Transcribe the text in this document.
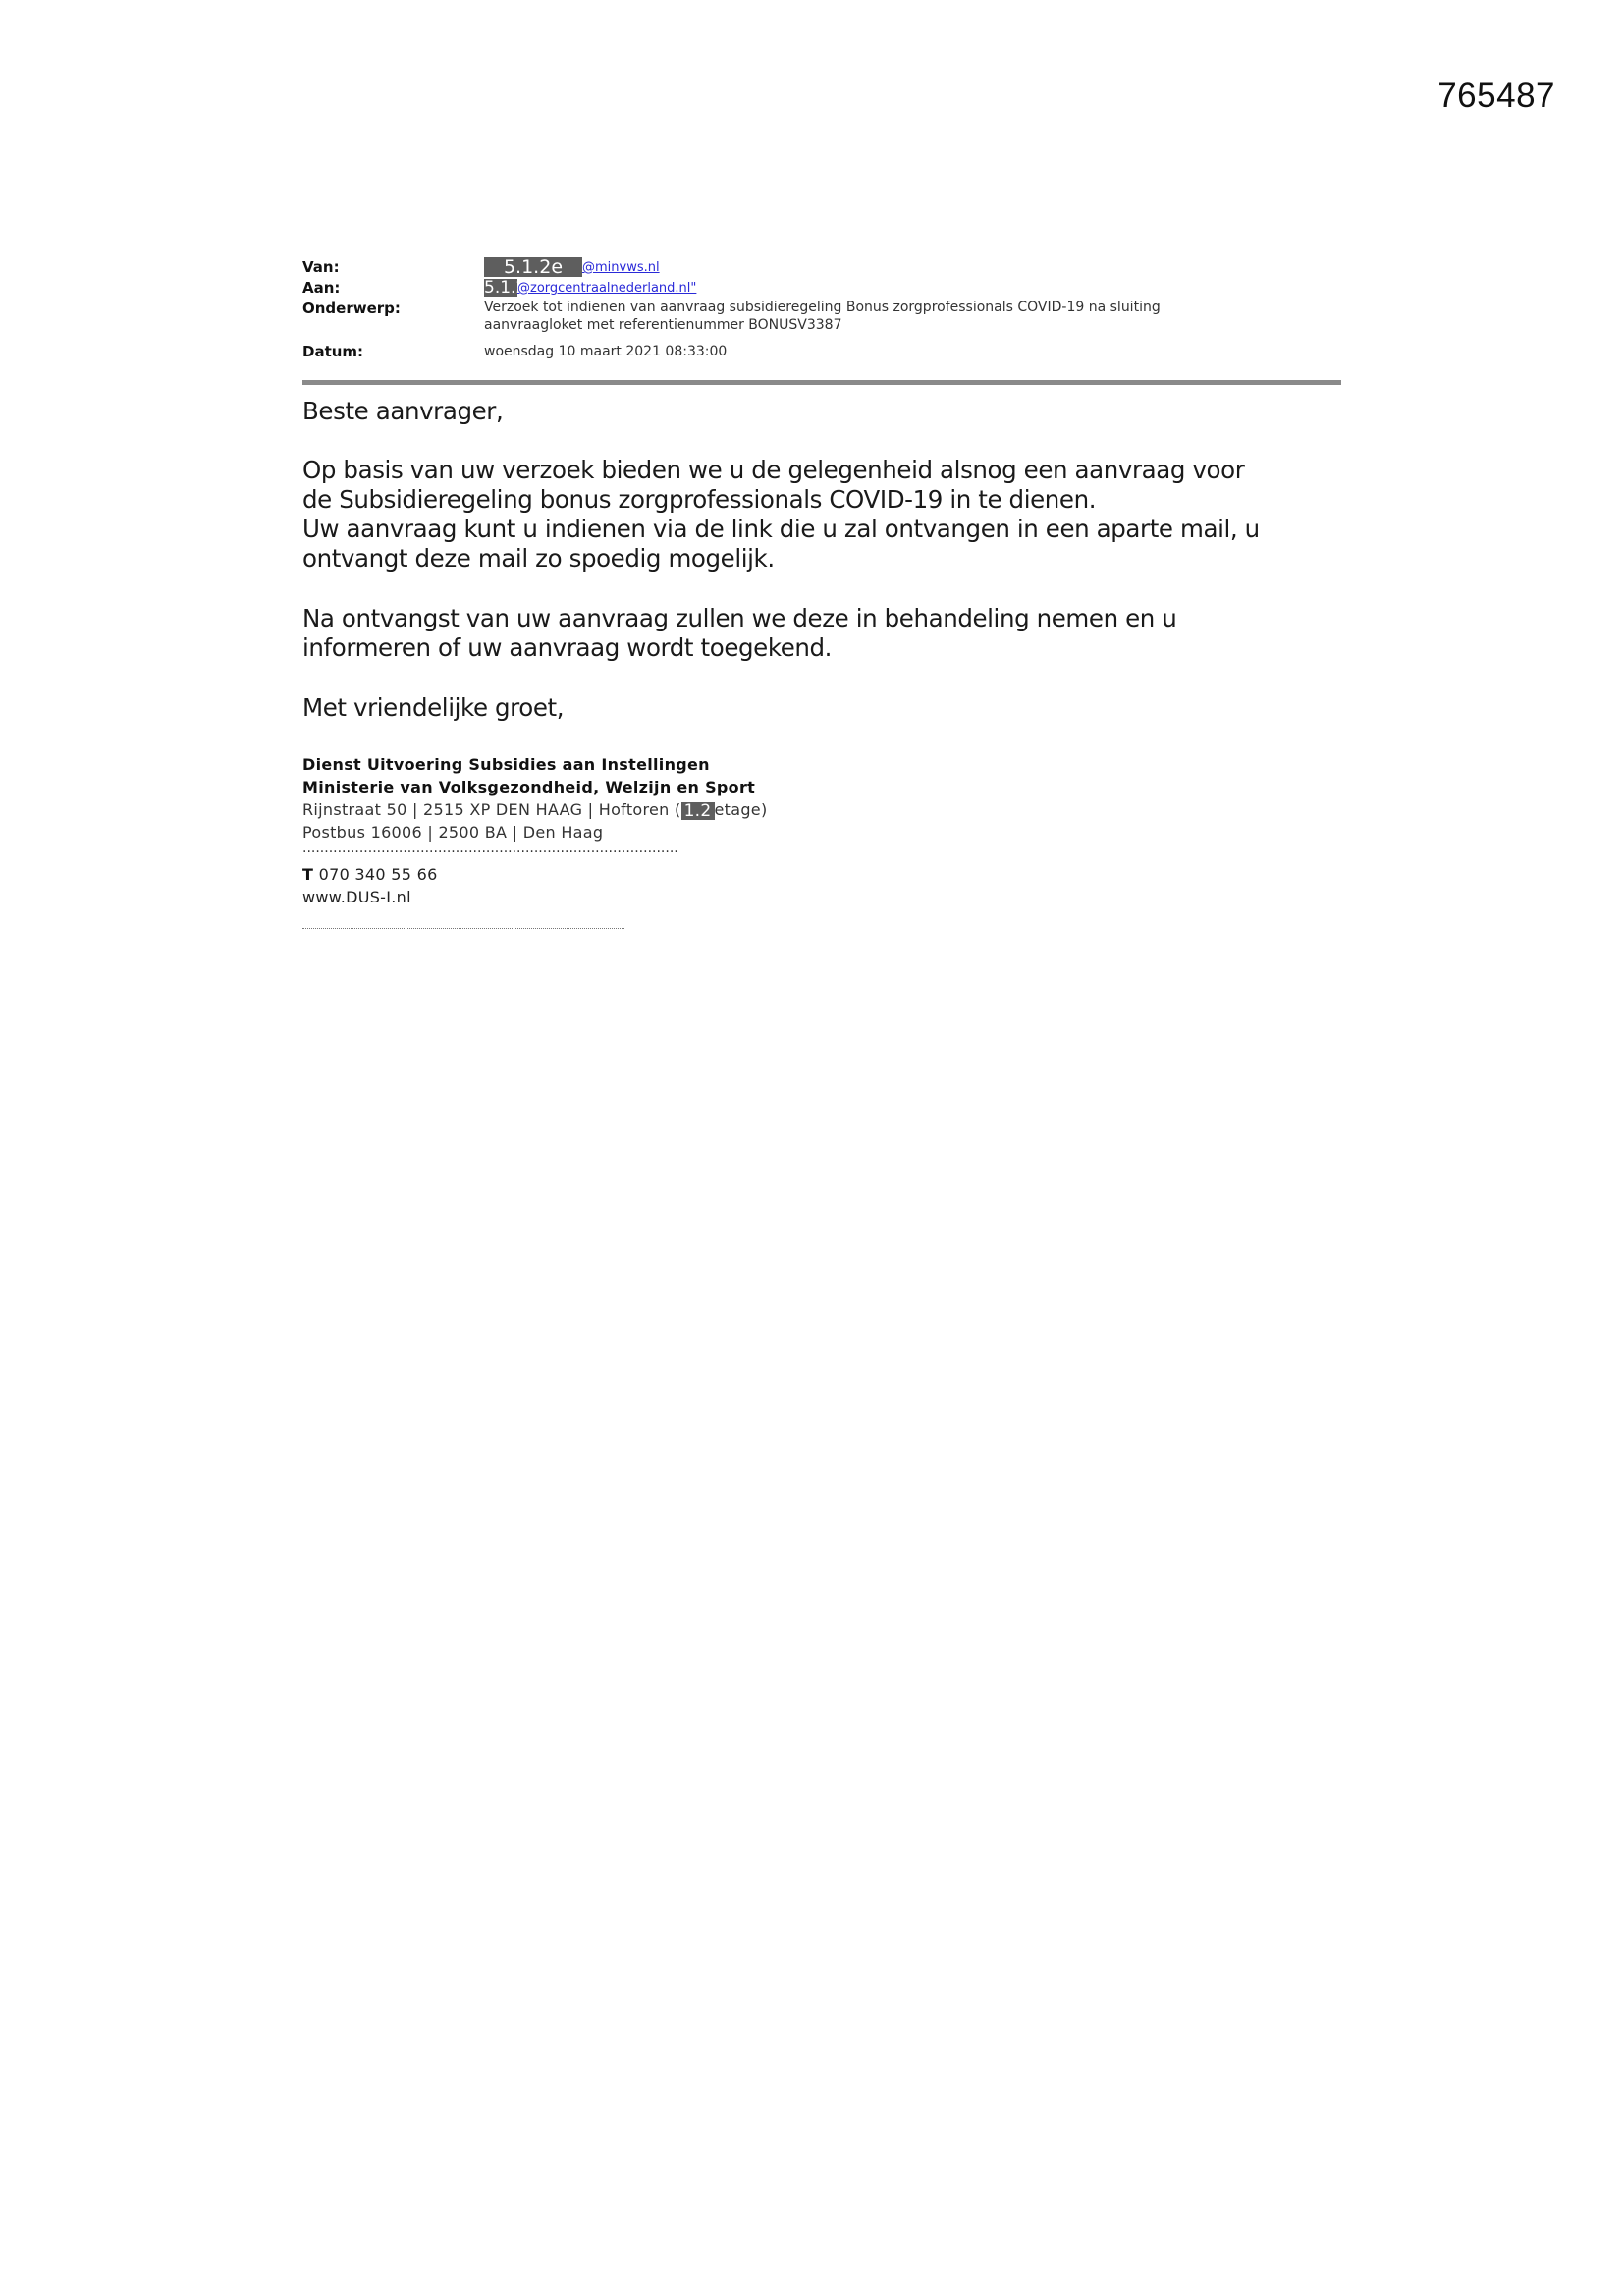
765487
Van:	5.1.2e @minvws.nl
Aan:	5.1.2e@zorgcentraalnederland.nl"
Onderwerp:	Verzoek tot indienen van aanvraag subsidieregeling Bonus zorgprofessionals COVID-19 na sluiting
aanvraagloket met referentienummer BONUSV3387
Datum:	woensdag 10 maart 2021 08:33:00

Beste aanvrager,

Op basis van uw verzoek bieden we u de gelegenheid alsnog een aanvraag voor
de Subsidieregeling bonus zorgprofessionals COVID-19 in te dienen.
Uw aanvraag kunt u indienen via de link die u zal ontvangen in een aparte mail, u
ontvangt deze mail zo spoedig mogelijk.

Na ontvangst van uw aanvraag zullen we deze in behandeling nemen en u
informeren of uw aanvraag wordt toegekend.

Met vriendelijke groet,

Dienst Uitvoering Subsidies aan Instellingen
Ministerie van Volksgezondheid, Welzijn en Sport
Rijnstraat 50 | 2515 XP DEN HAAG | Hoftoren ( 1.2 etage)
Postbus 16006 | 2500 BA | Den Haag
......................................................................................
T 070 340 55 66
www.DUS-I.nl
